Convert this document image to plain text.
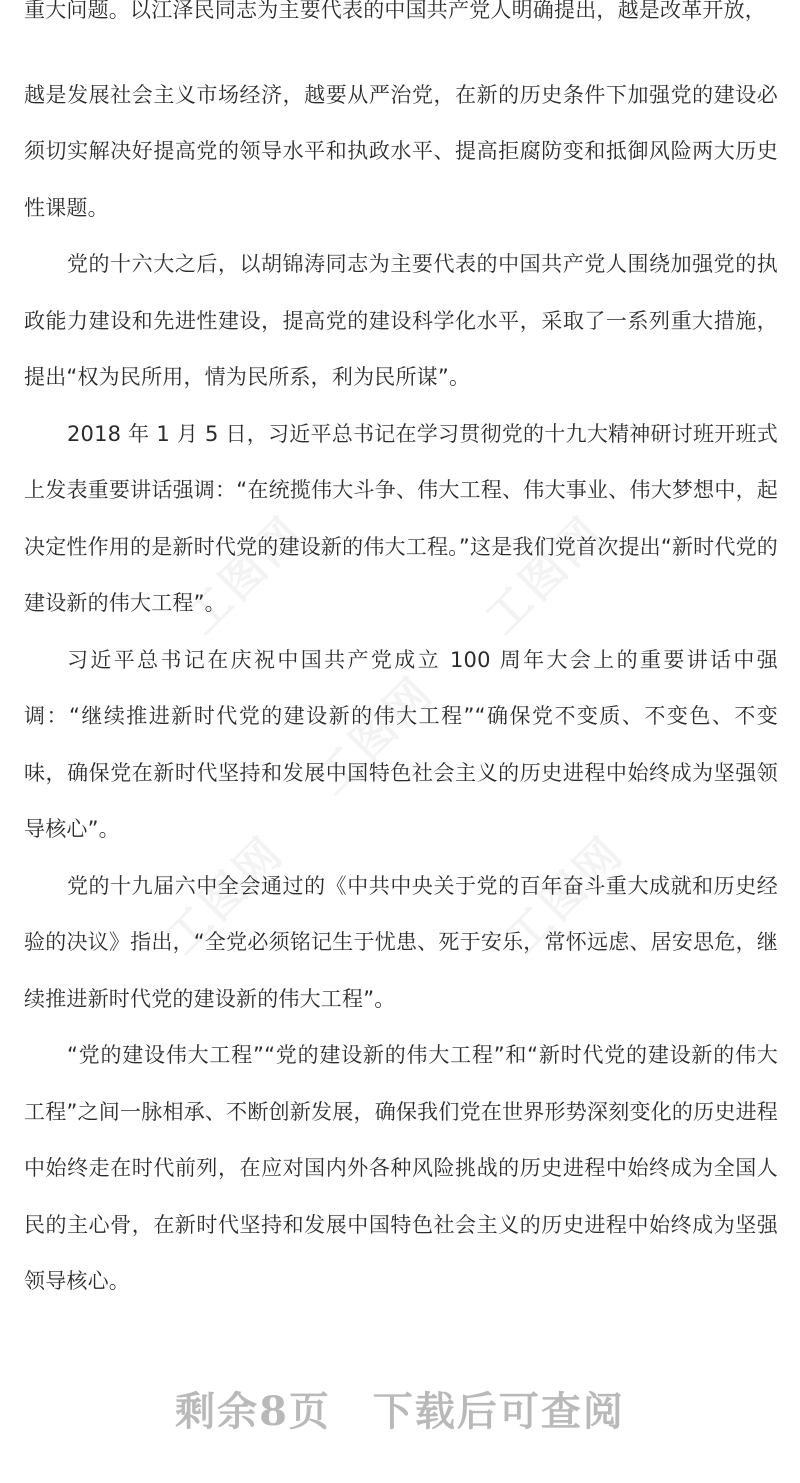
工图网	工图网
工图网
工图网	工图网

重大问题。以江泽民同志为主要代表的中国共产党人明确提出，越是改革开放，

越是发展社会主义市场经济，越要从严治党，在新的历史条件下加强党的建设必须切实解决好提高党的领导水平和执政水平、提高拒腐防变和抵御风险两大历史性课题。

党的十六大之后，以胡锦涛同志为主要代表的中国共产党人围绕加强党的执政能力建设和先进性建设，提高党的建设科学化水平，采取了一系列重大措施，提出“权为民所用，情为民所系，利为民所谋”。

2018 年 1 月 5 日，习近平总书记在学习贯彻党的十九大精神研讨班开班式上发表重要讲话强调：“在统揽伟大斗争、伟大工程、伟大事业、伟大梦想中，起决定性作用的是新时代党的建设新的伟大工程。”这是我们党首次提出“新时代党的建设新的伟大工程”。

习近平总书记在庆祝中国共产党成立 100 周年大会上的重要讲话中强调：“继续推进新时代党的建设新的伟大工程”“确保党不变质、不变色、不变味，确保党在新时代坚持和发展中国特色社会主义的历史进程中始终成为坚强领导核心”。

党的十九届六中全会通过的《中共中央关于党的百年奋斗重大成就和历史经验的决议》指出，“全党必须铭记生于忧患、死于安乐，常怀远虑、居安思危，继续推进新时代党的建设新的伟大工程”。

“党的建设伟大工程”“党的建设新的伟大工程”和“新时代党的建设新的伟大工程”之间一脉相承、不断创新发展，确保我们党在世界形势深刻变化的历史进程中始终走在时代前列，在应对国内外各种风险挑战的历史进程中始终成为全国人民的主心骨，在新时代坚持和发展中国特色社会主义的历史进程中始终成为坚强领导核心。

剩余8页 下载后可查阅
